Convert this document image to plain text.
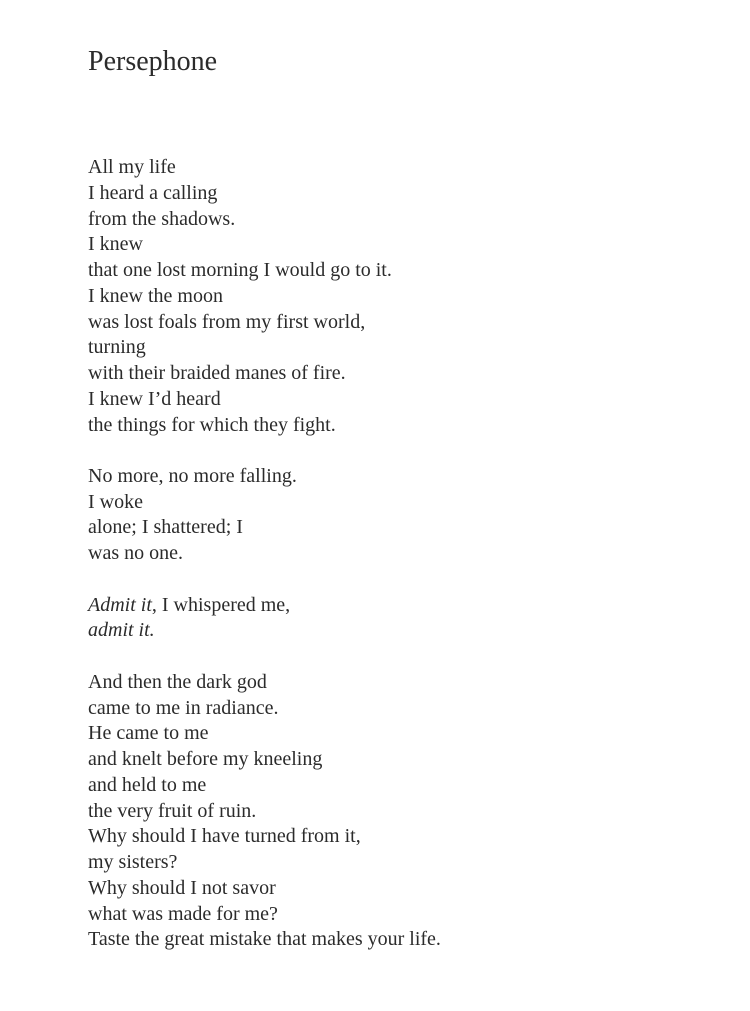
Persephone
All my life
I heard a calling
from the shadows.
I knew
that one lost morning I would go to it.
I knew the moon
was lost foals from my first world,
turning
with their braided manes of fire.
I knew I’d heard
the things for which they fight.
No more, no more falling.
I woke
alone; I shattered; I
was no one.
Admit it, I whispered me,
admit it.
And then the dark god
came to me in radiance.
He came to me
and knelt before my kneeling
and held to me
the very fruit of ruin.
Why should I have turned from it,
my sisters?
Why should I not savor
what was made for me?
Taste the great mistake that makes your life.
